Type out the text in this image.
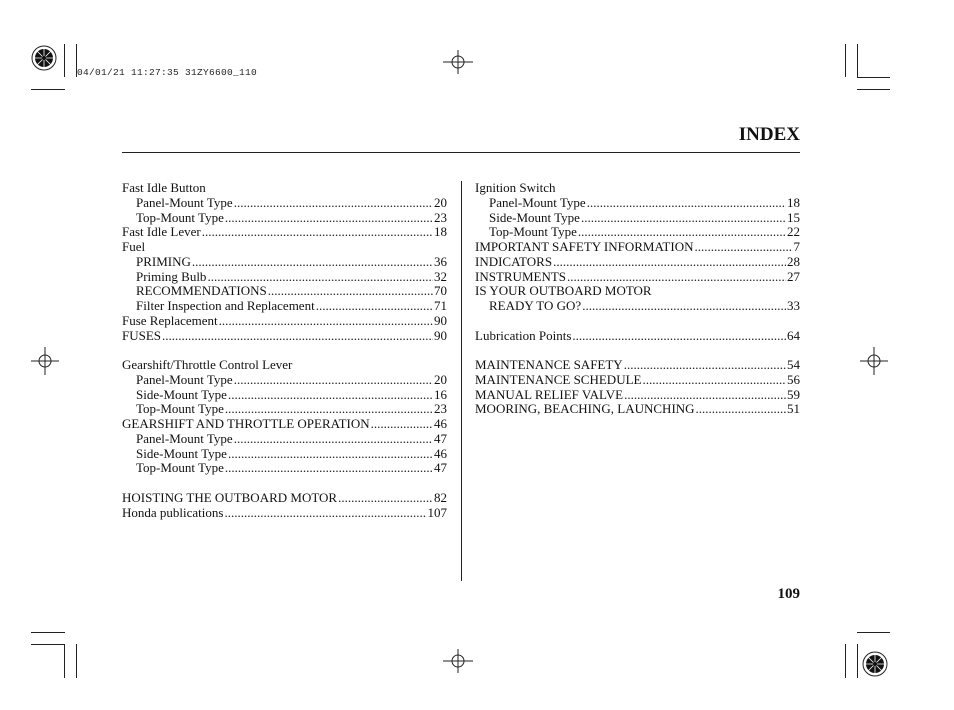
04/01/21 11:27:35 31ZY6600_110
INDEX
Fast Idle Button
Panel-Mount Type .....	20
Top-Mount Type .....	23
Fast Idle Lever .....	18
Fuel
PRIMING .....	36
Priming Bulb .....	32
RECOMMENDATIONS .....	70
Filter Inspection and Replacement .....	71
Fuse Replacement .....	90
FUSES .....	90
Gearshift/Throttle Control Lever
Panel-Mount Type .....	20
Side-Mount Type .....	16
Top-Mount Type .....	23
GEARSHIFT AND THROTTLE OPERATION .....	46
Panel-Mount Type .....	47
Side-Mount Type .....	46
Top-Mount Type .....	47
HOISTING THE OUTBOARD MOTOR .....	82
Honda publications .....	107
Ignition Switch
Panel-Mount Type .....	18
Side-Mount Type .....	15
Top-Mount Type .....	22
IMPORTANT SAFETY INFORMATION .....	7
INDICATORS .....	28
INSTRUMENTS .....	27
IS YOUR OUTBOARD MOTOR
READY TO GO? .....	33
Lubrication Points .....	64
MAINTENANCE SAFETY .....	54
MAINTENANCE SCHEDULE .....	56
MANUAL RELIEF VALVE .....	59
MOORING, BEACHING, LAUNCHING .....	51
109
